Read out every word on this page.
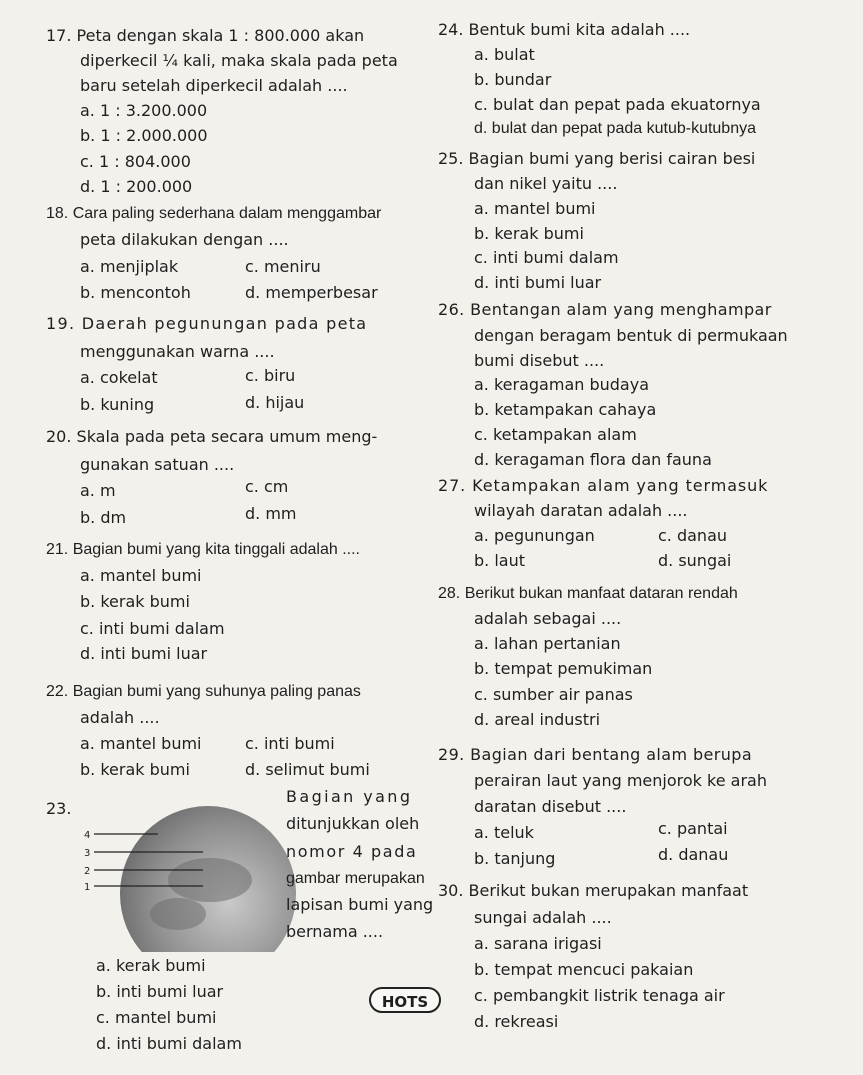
17. Peta dengan skala 1 : 800.000 akan
diperkecil ¼ kali, maka skala pada peta
baru setelah diperkecil adalah ....
a. 1 : 3.200.000
b. 1 : 2.000.000
c. 1 : 804.000
d. 1 : 200.000
18. Cara paling sederhana dalam menggambar
peta dilakukan dengan ....
a. menjiplak	c. meniru
b. mencontoh	d. memperbesar
19. Daerah pegunungan pada peta
menggunakan warna ....
a. cokelat	c. biru
b. kuning	d. hijau
20. Skala pada peta secara umum meng-
gunakan satuan ....
a. m	c. cm
b. dm	d. mm
21. Bagian bumi yang kita tinggali adalah ....
a. mantel bumi
b. kerak bumi
c. inti bumi dalam
d. inti bumi luar
22. Bagian bumi yang suhunya paling panas
adalah ....
a. mantel bumi	c. inti bumi
b. kerak bumi	d. selimut bumi
23.
4
3
2
1
Bagian yang
ditunjukkan oleh
nomor 4 pada
gambar merupakan
lapisan bumi yang
bernama ....
a. kerak bumi
b. inti bumi luar
c. mantel bumi
d. inti bumi dalam
HOTS
24. Bentuk bumi kita adalah ....
a. bulat
b. bundar
c. bulat dan pepat pada ekuatornya
d. bulat dan pepat pada kutub-kutubnya
25. Bagian bumi yang berisi cairan besi
dan nikel yaitu ....
a. mantel bumi
b. kerak bumi
c. inti bumi dalam
d. inti bumi luar
26. Bentangan alam yang menghampar
dengan beragam bentuk di permukaan
bumi disebut ....
a. keragaman budaya
b. ketampakan cahaya
c. ketampakan alam
d. keragaman flora dan fauna
27. Ketampakan alam yang termasuk
wilayah daratan adalah ....
a. pegunungan	c. danau
b. laut	d. sungai
28. Berikut bukan manfaat dataran rendah
adalah sebagai ....
a. lahan pertanian
b. tempat pemukiman
c. sumber air panas
d. areal industri
29. Bagian dari bentang alam berupa
perairan laut yang menjorok ke arah
daratan disebut ....
a. teluk	c. pantai
b. tanjung	d. danau
30. Berikut bukan merupakan manfaat
sungai adalah ....
a. sarana irigasi
b. tempat mencuci pakaian
c. pembangkit listrik tenaga air
d. rekreasi
